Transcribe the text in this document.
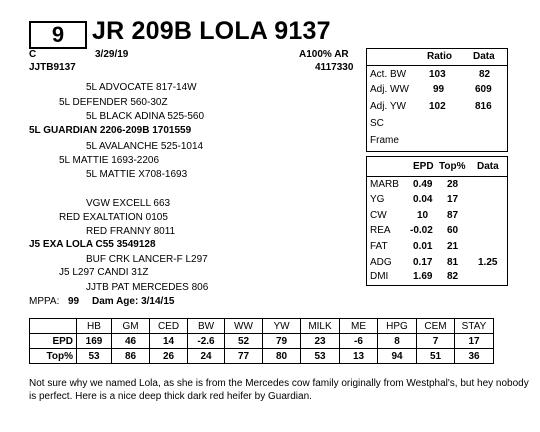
9	JR 209B LOLA 9137
C	3/29/19
JJTB9137
A100% AR
4117330
5L ADVOCATE 817-14W
5L DEFENDER 560-30Z
5L BLACK ADINA 525-560
5L GUARDIAN 2206-209B 1701559
5L AVALANCHE 525-1014
5L MATTIE 1693-2206
5L MATTIE X708-1693
VGW EXCELL 663
RED EXALTATION 0105
RED FRANNY 8011
J5 EXA LOLA C55 3549128
BUF CRK LANCER-F L297
J5 L297 CANDI 31Z
JJTB PAT MERCEDES 806
MPPA: 99 Dam Age: 3/14/15
Ratio Data
Act. BW 103	82
Adj. WW 99	609
Adj. YW 102	816
SC
Frame
EPD Top% Data
MARB 0.49 28
YG	0.04 17
CW	10 87
REA -0.02 60
FAT	0.01 21
ADG 0.17 81 1.25
DMI 1.69 82
	HB	GM	CED	BW	WW	YW	MILK	ME	HPG	CEM	STAY
EPD	169	46	14	-2.6	52	79	23	-6	8	7	17
Top%	53	86	26	24	77	80	53	13	94	51	36
Not sure why we named Lola, as she is from the Mercedes cow family originally from Westphal's, but hey nobody is perfect. Here is a nice deep thick dark red heifer by Guardian.
